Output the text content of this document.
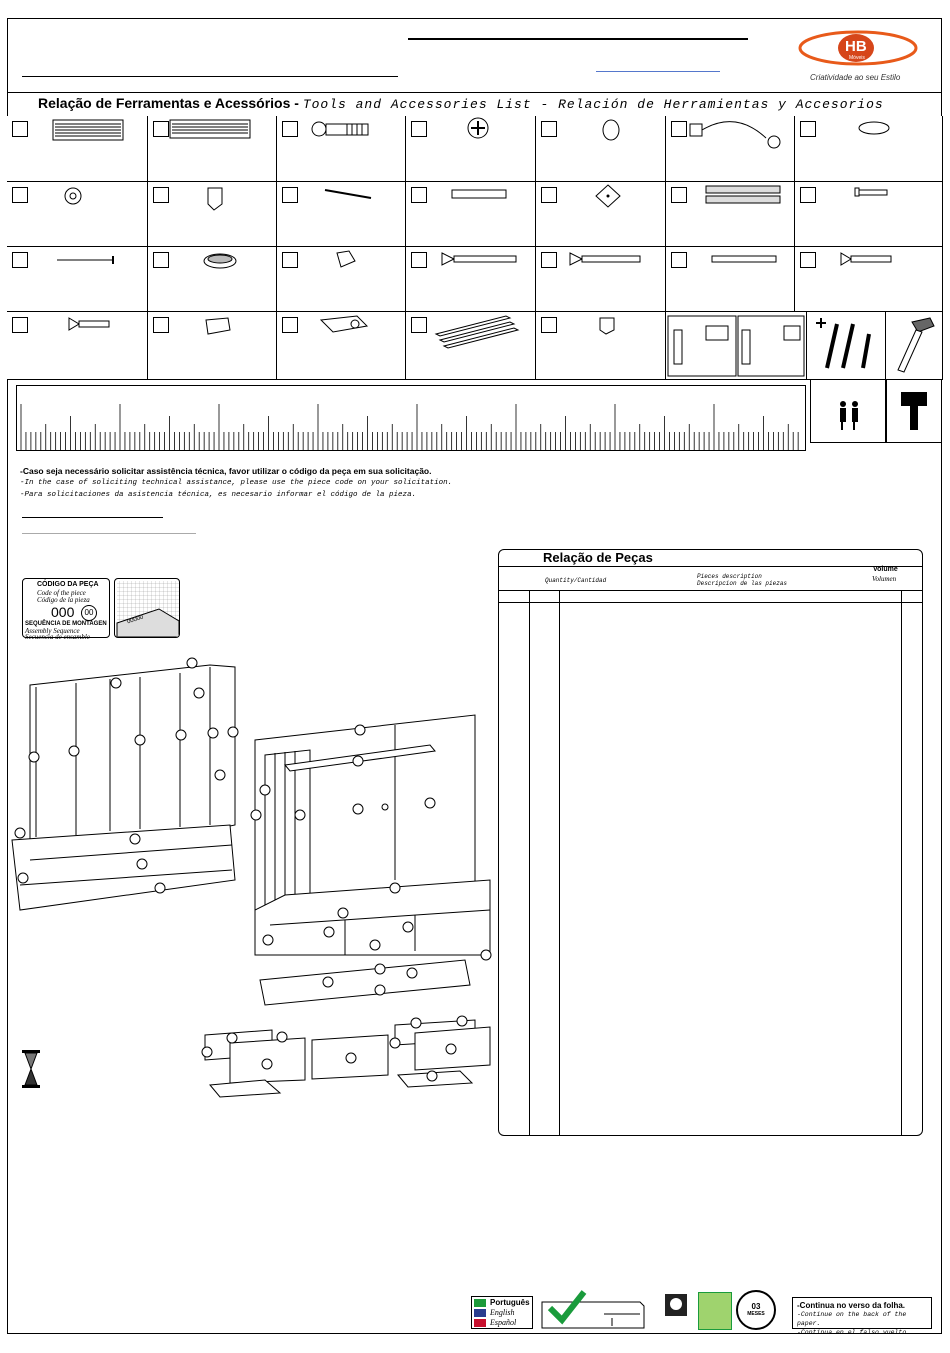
HB
Móveis
Criatividade ao seu Estilo
Relação de Ferramentas e Acessórios - Tools and Accessories List - Relación de Herramientas y Accesorios
-Caso seja necessário solicitar assistência técnica, favor utilizar o código da peça em sua solicitação.
-In the case of soliciting technical assistance, please use the piece code on your solicitation.
-Para solicitaciones da asistencia técnica, es necesario informar el código de la pieza.
CÓDIGO DA PEÇA
Code of the piece
Código de la pieza
000	00
SEQUÊNCIA DE MONTAGEN
Assembly Sequence
Secuencia de ensamble
00000
Relação de Peças
Volume
Volumen
Quantity/Cantidad
Pieces description
Descripcion de las piezas
Português
English
Español
03
MESES
-Continua no verso da folha.
-Continue on the back of the paper.
-Continua en el falso vuelto.
